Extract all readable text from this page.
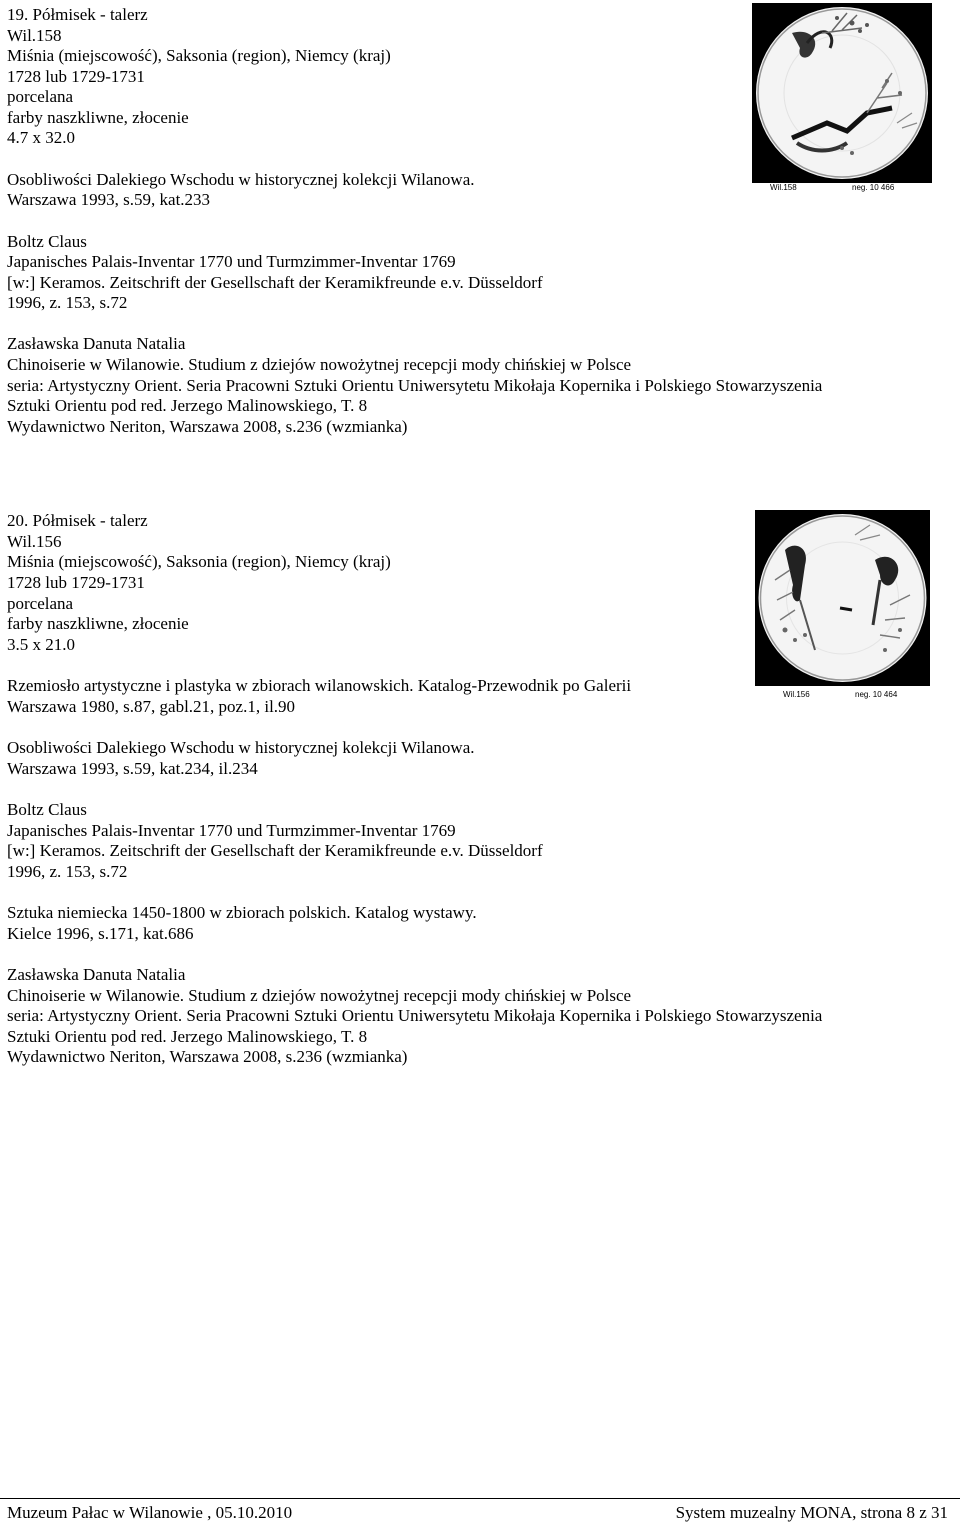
19. Półmisek - talerz
Wil.158
Miśnia (miejscowość), Saksonia (region), Niemcy (kraj)
1728 lub 1729-1731
porcelana
farby naszkliwne, złocenie
4.7 x 32.0
Osobliwości Dalekiego Wschodu w historycznej kolekcji Wilanowa.
Warszawa 1993, s.59, kat.233
Boltz Claus
Japanisches Palais-Inventar 1770 und Turmzimmer-Inventar 1769
[w:] Keramos. Zeitschrift der Gesellschaft der Keramikfreunde e.v. Düsseldorf
1996, z. 153, s.72
Zasławska Danuta Natalia
Chinoiserie w Wilanowie. Studium z dziejów nowożytnej recepcji mody chińskiej w Polsce
seria: Artystyczny Orient. Seria Pracowni Sztuki Orientu Uniwersytetu Mikołaja Kopernika i Polskiego Stowarzyszenia
Sztuki Orientu pod red. Jerzego Malinowskiego, T. 8
Wydawnictwo Neriton, Warszawa 2008, s.236 (wzmianka)
Wil.158	neg. 10 466
20. Półmisek - talerz
Wil.156
Miśnia (miejscowość), Saksonia (region), Niemcy (kraj)
1728 lub 1729-1731
porcelana
farby naszkliwne, złocenie
3.5 x 21.0
Rzemiosło artystyczne i plastyka w zbiorach wilanowskich. Katalog-Przewodnik po Galerii
Warszawa 1980, s.87, gabl.21, poz.1, il.90
Osobliwości Dalekiego Wschodu w historycznej kolekcji Wilanowa.
Warszawa 1993, s.59, kat.234, il.234
Boltz Claus
Japanisches Palais-Inventar 1770 und Turmzimmer-Inventar 1769
[w:] Keramos. Zeitschrift der Gesellschaft der Keramikfreunde e.v. Düsseldorf
1996, z. 153, s.72
Sztuka niemiecka 1450-1800 w zbiorach polskich. Katalog wystawy.
Kielce 1996, s.171, kat.686
Zasławska Danuta Natalia
Chinoiserie w Wilanowie. Studium z dziejów nowożytnej recepcji mody chińskiej w Polsce
seria: Artystyczny Orient. Seria Pracowni Sztuki Orientu Uniwersytetu Mikołaja Kopernika i Polskiego Stowarzyszenia
Sztuki Orientu pod red. Jerzego Malinowskiego, T. 8
Wydawnictwo Neriton, Warszawa 2008, s.236 (wzmianka)
Wil.156	neg. 10 464
Muzeum Pałac w Wilanowie , 05.10.2010	System muzealny MONA, strona 8 z 31
